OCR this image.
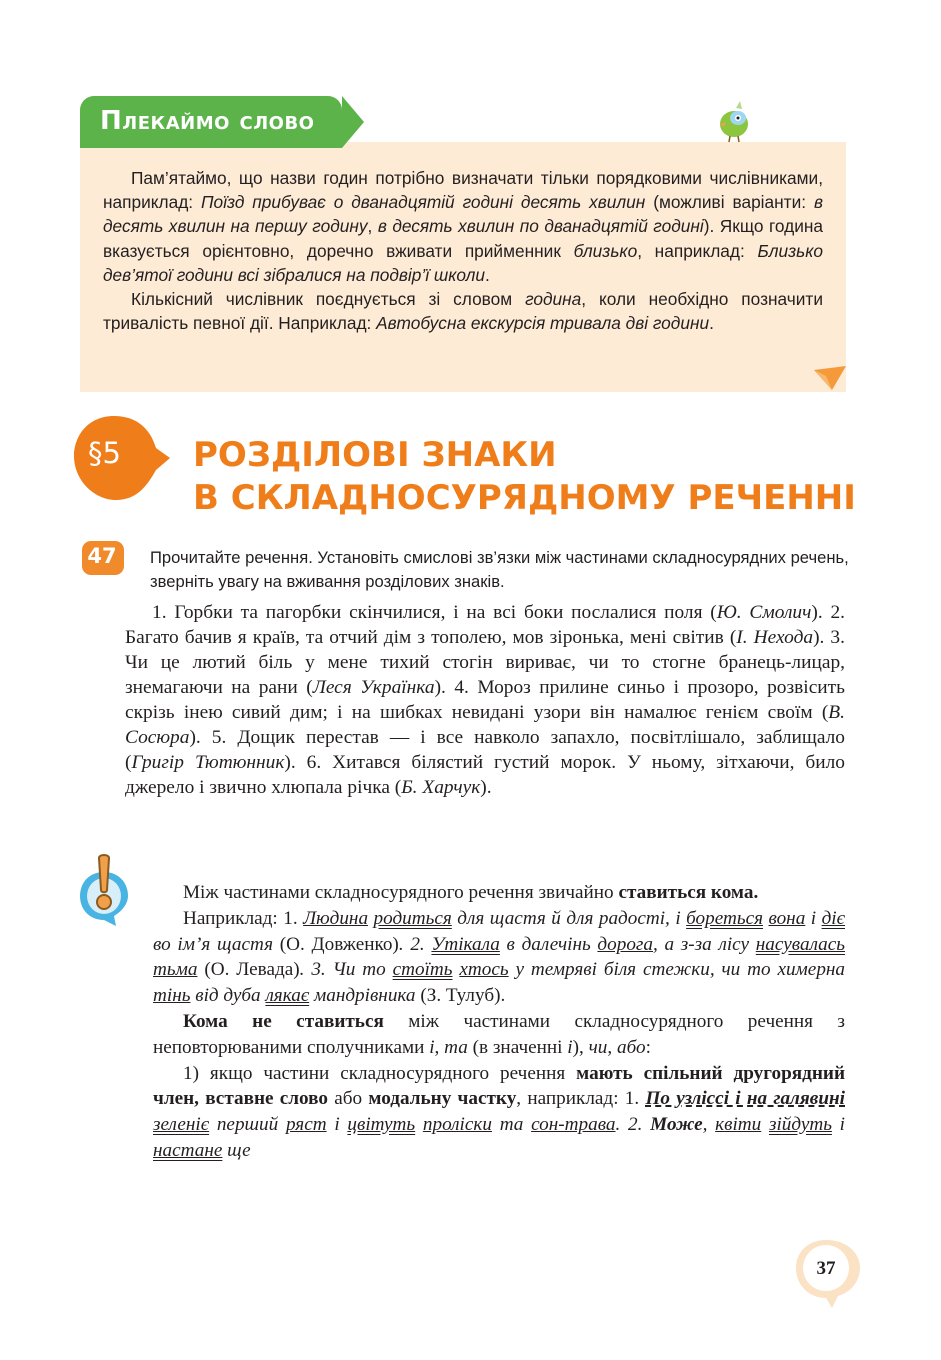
Плекаймо слово

Пам’ятаймо, що назви годин потрібно визначати тільки порядковими числівниками, наприклад: Поїзд прибуває о дванадцятій годині десять хвилин (можливі варіанти: в десять хвилин на першу годину, в десять хвилин по дванадцятій годині). Якщо година вказується орієнтовно, доречно вживати прийменник близько, наприклад: Близько дев’ятої години всі зібралися на подвір’ї школи.

Кількісний числівник поєднується зі словом година, коли необхідно позначити тривалість певної дії. Наприклад: Автобусна екскурсія тривала дві години.

§5 РОЗДІЛОВІ ЗНАКИ
В СКЛАДНОСУРЯДНОМУ РЕЧЕННІ
47 Прочитайте речення. Установіть смислові зв’язки між частинами складносурядних речень, зверніть увагу на вживання розділових знаків.

1. Горбки та пагорбки скінчилися, і на всі боки послалися поля (Ю. Смолич). 2. Багато бачив я країв, та отчий дім з тополею, мов зіронька, мені світив (І. Нехода). 3. Чи це лютий біль у мене тихий стогін вириває, чи то стогне бранець-лицар, знемагаючи на рани (Леся Українка). 4. Мороз прилине синьо і прозоро, розвісить скрізь інею сивий дим; і на шибках невидані узори він намалює генієм своїм (В. Сосюра). 5. Дощик перестав — і все навколо запахло, посвітлішало, заблищало (Григір Тютюнник). 6. Хитався білястий густий морок. У ньому, зітхаючи, било джерело і звично хлюпала річка (Б. Харчук).

Між частинами складносурядного речення звичайно ставиться кома.

Наприклад: 1. Людина родиться для щастя й для радості, і бореться вона і діє во ім’я щастя (О. Довженко). 2. Утікала в далечінь дорога, а з-за лісу насувалась тьма (О. Левада). 3. Чи то стоїть хтось у темряві біля стежки, чи то химерна тінь від дуба лякає мандрівника (З. Тулуб).

Кома не ставиться між частинами складносурядного речення з неповторюваними сполучниками і, та (в значенні і), чи, або:

1) якщо частини складносурядного речення мають спільний другорядний член, вставне слово або модальну частку, наприклад: 1. По узліссі і на галявині зеленіє перший ряст і цвітуть проліски та сон-трава. 2. Може, квіти зійдуть і настане ще

37
